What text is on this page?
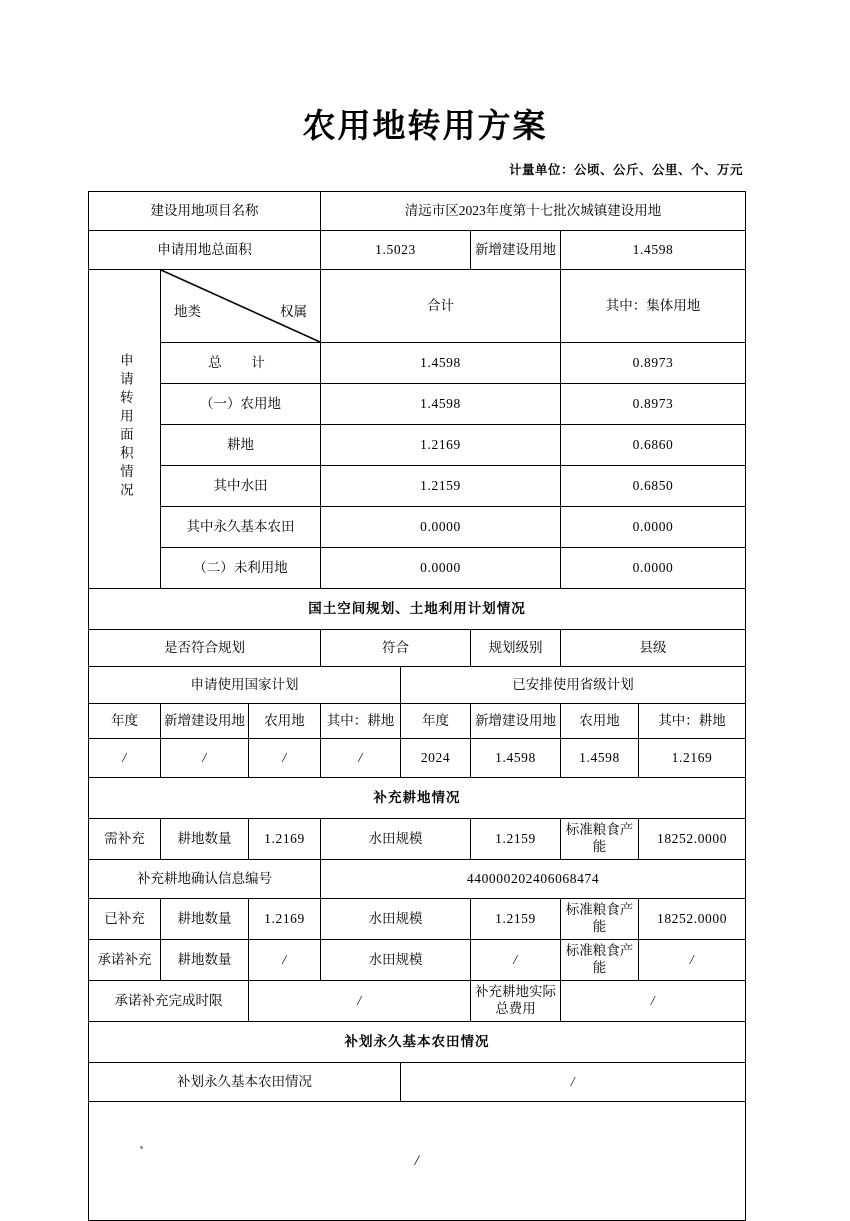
农用地转用方案
计量单位：公顷、公斤、公里、个、万元
建设用地项目名称			清远市区2023年度第十七批次城镇建设用地				
申请用地总面积			1.5023		新增建设用地	1.4598	
申请转用面积情况	地类 权属		合计			其中：集体用地	
	总　计		1.4598			0.8973	
	（一）农用地		1.4598			0.8973	
	耕地		1.2169			0.6860	
	其中水田		1.2159			0.6850	
	其中永久基本农田		0.0000			0.0000	
	（二）未利用地		0.0000			0.0000	
国土空间规划、土地利用计划情况							
是否符合规划			符合		规划级别	县级	
申请使用国家计划				已安排使用省级计划			
年度	新增建设用地	农用地	其中：耕地	年度	新增建设用地	农用地	其中：耕地
/	/	/	/	2024	1.4598	1.4598	1.2169
补充耕地情况							
需补充	耕地数量	1.2169	水田规模		1.2159	标准粮食产能	18252.0000
补充耕地确认信息编号			440000202406068474				
已补充	耕地数量	1.2169	水田规模		1.2159	标准粮食产能	18252.0000
承诺补充	耕地数量	/	水田规模		/	标准粮食产能	/
承诺补充完成时限		/			补充耕地实际总费用	/	
补划永久基本农田情况							
补划永久基本农田情况				/			
/							
